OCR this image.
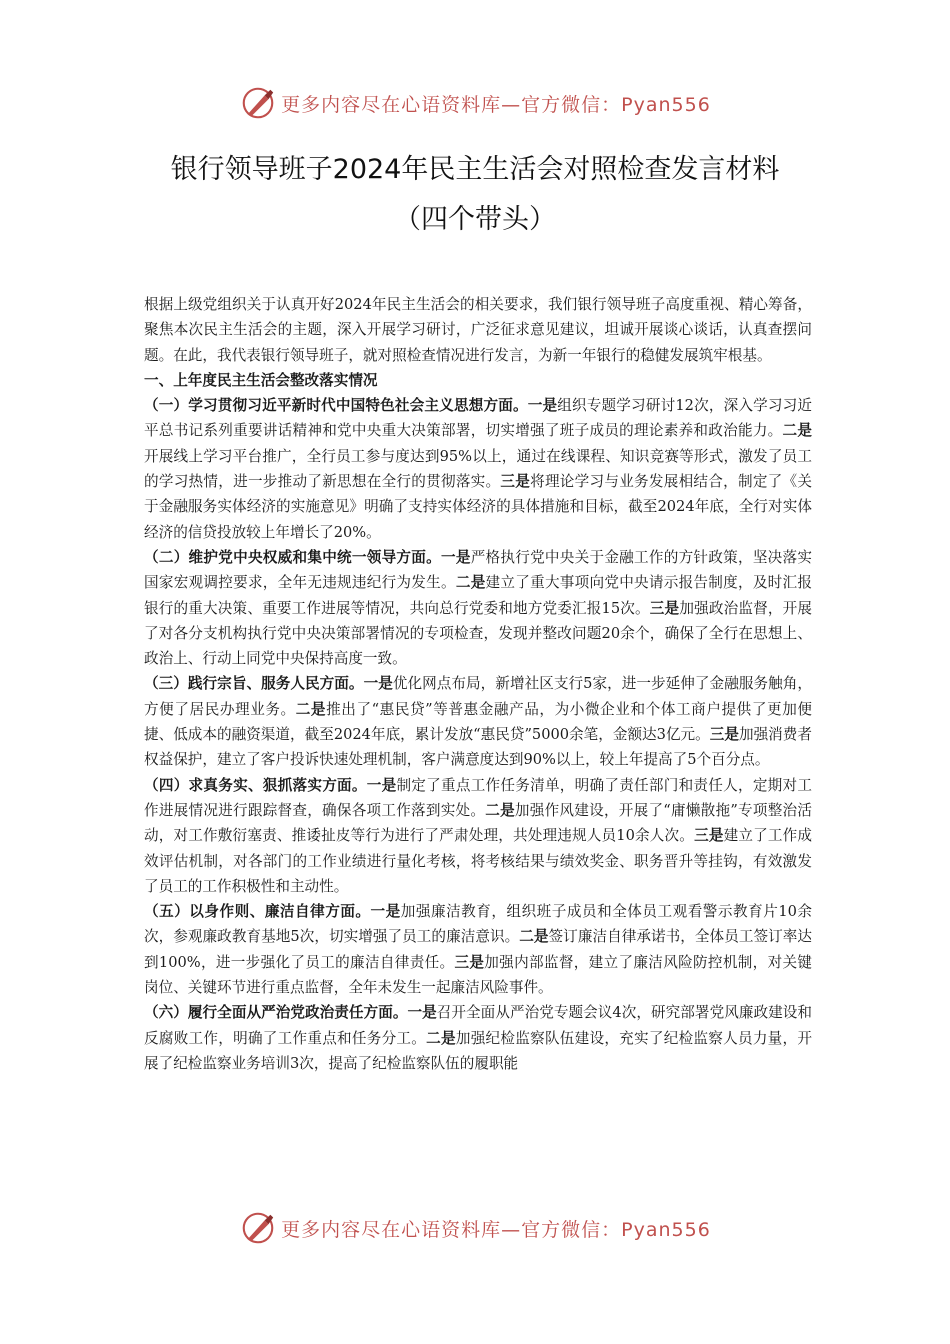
更多内容尽在心语资料库—官方微信：Pyan556
银行领导班子2024年民主生活会对照检查发言材料
（四个带头）

根据上级党组织关于认真开好2024年民主生活会的相关要求，我们银行领导班子高度重视、精心筹备，聚焦本次民主生活会的主题，深入开展学习研讨，广泛征求意见建议，坦诚开展谈心谈话，认真查摆问题。在此，我代表银行领导班子，就对照检查情况进行发言，为新一年银行的稳健发展筑牢根基。

一、上年度民主生活会整改落实情况

（一）学习贯彻习近平新时代中国特色社会主义思想方面。一是组织专题学习研讨12次，深入学习习近平总书记系列重要讲话精神和党中央重大决策部署，切实增强了班子成员的理论素养和政治能力。二是开展线上学习平台推广，全行员工参与度达到95%以上，通过在线课程、知识竞赛等形式，激发了员工的学习热情，进一步推动了新思想在全行的贯彻落实。三是将理论学习与业务发展相结合，制定了《关于金融服务实体经济的实施意见》明确了支持实体经济的具体措施和目标，截至2024年底，全行对实体经济的信贷投放较上年增长了20%。

（二）维护党中央权威和集中统一领导方面。一是严格执行党中央关于金融工作的方针政策，坚决落实国家宏观调控要求，全年无违规违纪行为发生。二是建立了重大事项向党中央请示报告制度，及时汇报银行的重大决策、重要工作进展等情况，共向总行党委和地方党委汇报15次。三是加强政治监督，开展了对各分支机构执行党中央决策部署情况的专项检查，发现并整改问题20余个，确保了全行在思想上、政治上、行动上同党中央保持高度一致。

（三）践行宗旨、服务人民方面。一是优化网点布局，新增社区支行5家，进一步延伸了金融服务触角，方便了居民办理业务。二是推出了“惠民贷”等普惠金融产品，为小微企业和个体工商户提供了更加便捷、低成本的融资渠道，截至2024年底，累计发放“惠民贷”5000余笔，金额达3亿元。三是加强消费者权益保护，建立了客户投诉快速处理机制，客户满意度达到90%以上，较上年提高了5个百分点。

（四）求真务实、狠抓落实方面。一是制定了重点工作任务清单，明确了责任部门和责任人，定期对工作进展情况进行跟踪督查，确保各项工作落到实处。二是加强作风建设，开展了“庸懒散拖”专项整治活动，对工作敷衍塞责、推诿扯皮等行为进行了严肃处理，共处理违规人员10余人次。三是建立了工作成效评估机制，对各部门的工作业绩进行量化考核，将考核结果与绩效奖金、职务晋升等挂钩，有效激发了员工的工作积极性和主动性。

（五）以身作则、廉洁自律方面。一是加强廉洁教育，组织班子成员和全体员工观看警示教育片10余次，参观廉政教育基地5次，切实增强了员工的廉洁意识。二是签订廉洁自律承诺书，全体员工签订率达到100%，进一步强化了员工的廉洁自律责任。三是加强内部监督，建立了廉洁风险防控机制，对关键岗位、关键环节进行重点监督，全年未发生一起廉洁风险事件。

（六）履行全面从严治党政治责任方面。一是召开全面从严治党专题会议4次，研究部署党风廉政建设和反腐败工作，明确了工作重点和任务分工。二是加强纪检监察队伍建设，充实了纪检监察人员力量，开展了纪检监察业务培训3次，提高了纪检监察队伍的履职能

更多内容尽在心语资料库—官方微信：Pyan556
